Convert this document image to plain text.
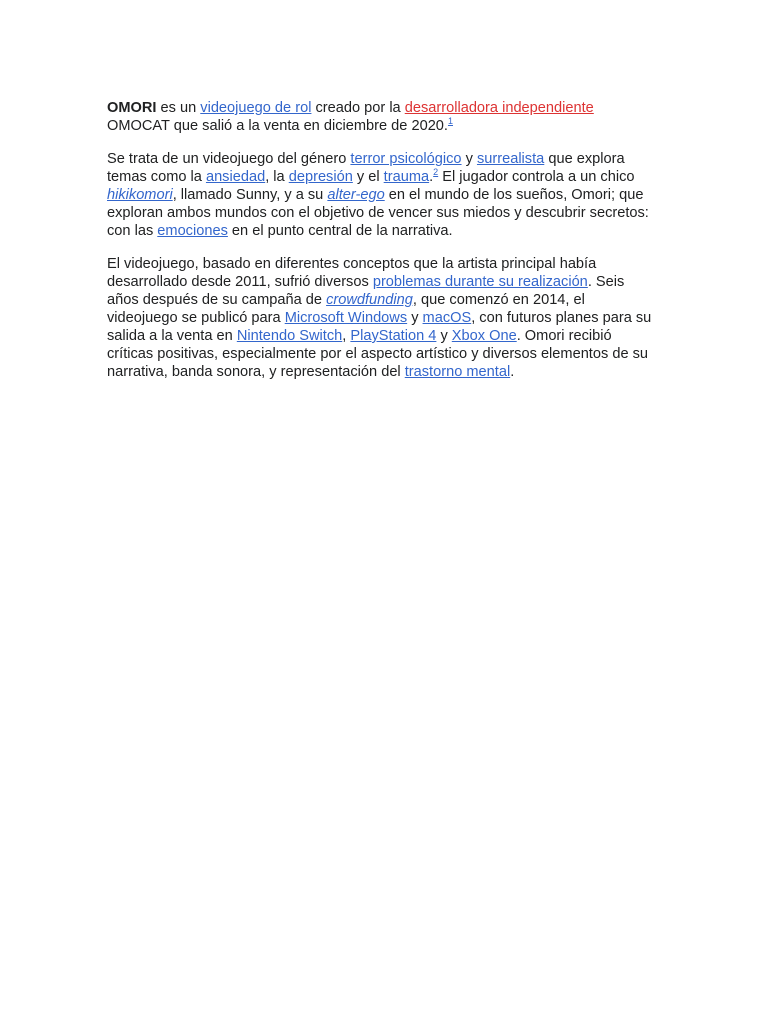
OMORI es un videojuego de rol creado por la desarrolladora independiente OMOCAT que salió a la venta en diciembre de 2020.$^1$

Se trata de un videojuego del género terror psicológico y surrealista que explora temas como la ansiedad, la depresión y el trauma.$^2$ El jugador controla a un chico hikikomori, llamado Sunny, y a su alter-ego en el mundo de los sueños, Omori; que exploran ambos mundos con el objetivo de vencer sus miedos y descubrir secretos: con las emociones en el punto central de la narrativa.

El videojuego, basado en diferentes conceptos que la artista principal había desarrollado desde 2011, sufrió diversos problemas durante su realización. Seis años después de su campaña de crowdfunding, que comenzó en 2014, el videojuego se publicó para Microsoft Windows y macOS, con futuros planes para su salida a la venta en Nintendo Switch, PlayStation 4 y Xbox One. Omori recibió críticas positivas, especialmente por el aspecto artístico y diversos elementos de su narrativa, banda sonora, y representación del trastorno mental.
